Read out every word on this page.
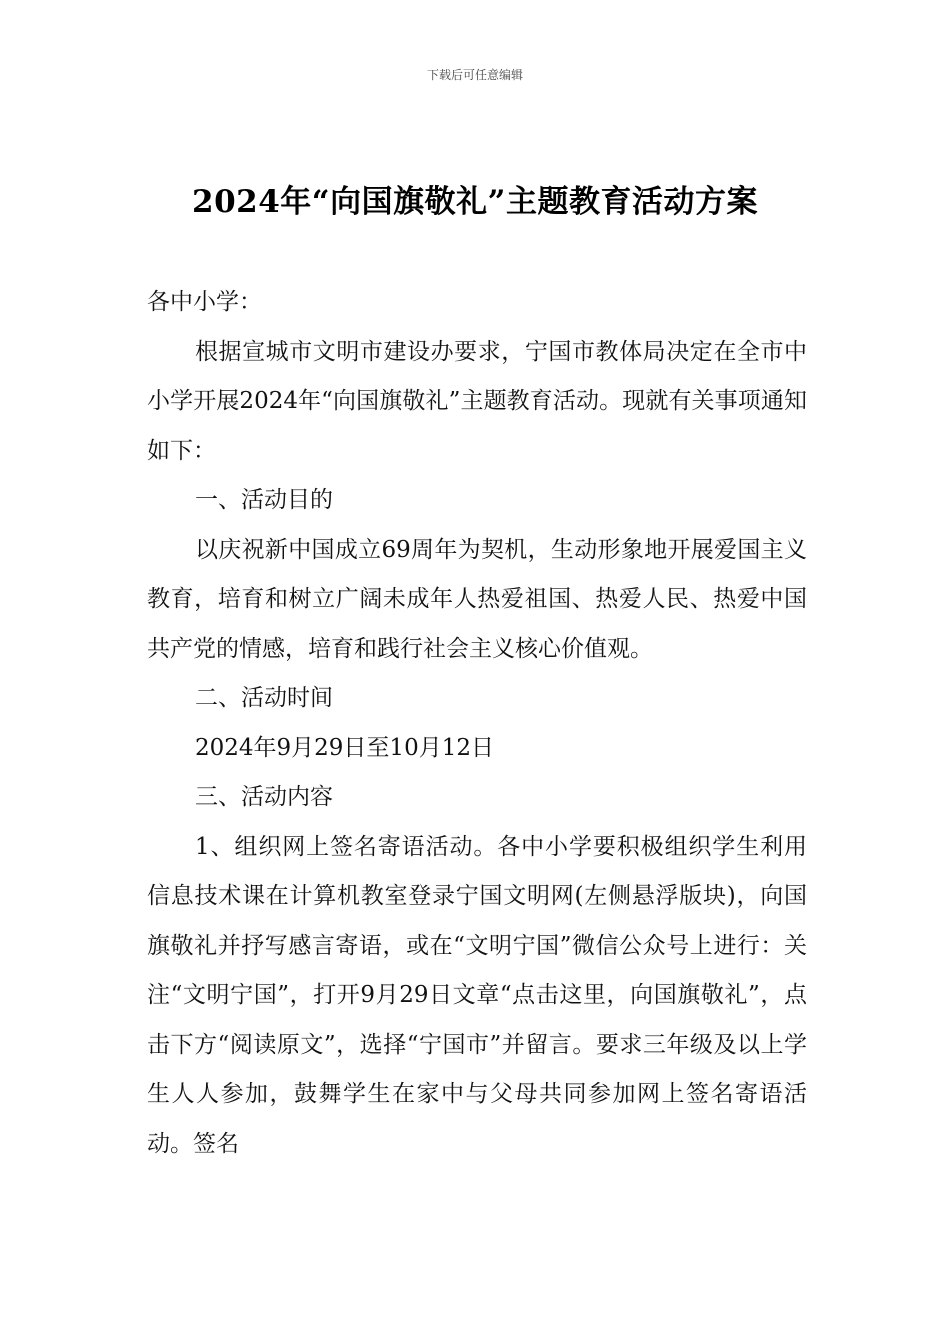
下载后可任意编辑
2024年“向国旗敬礼”主题教育活动方案

各中小学：

根据宣城市文明市建设办要求，宁国市教体局决定在全市中小学开展2024年“向国旗敬礼”主题教育活动。现就有关事项通知如下：

一、活动目的

以庆祝新中国成立69周年为契机，生动形象地开展爱国主义教育，培育和树立广阔未成年人热爱祖国、热爱人民、热爱中国共产党的情感，培育和践行社会主义核心价值观。

二、活动时间

2024年9月29日至10月12日

三、活动内容

1、组织网上签名寄语活动。各中小学要积极组织学生利用信息技术课在计算机教室登录宁国文明网(左侧悬浮版块)，向国旗敬礼并抒写感言寄语，或在“文明宁国”微信公众号上进行：关注“文明宁国”，打开9月29日文章“点击这里，向国旗敬礼”，点击下方“阅读原文”，选择“宁国市”并留言。要求三年级及以上学生人人参加，鼓舞学生在家中与父母共同参加网上签名寄语活动。签名
